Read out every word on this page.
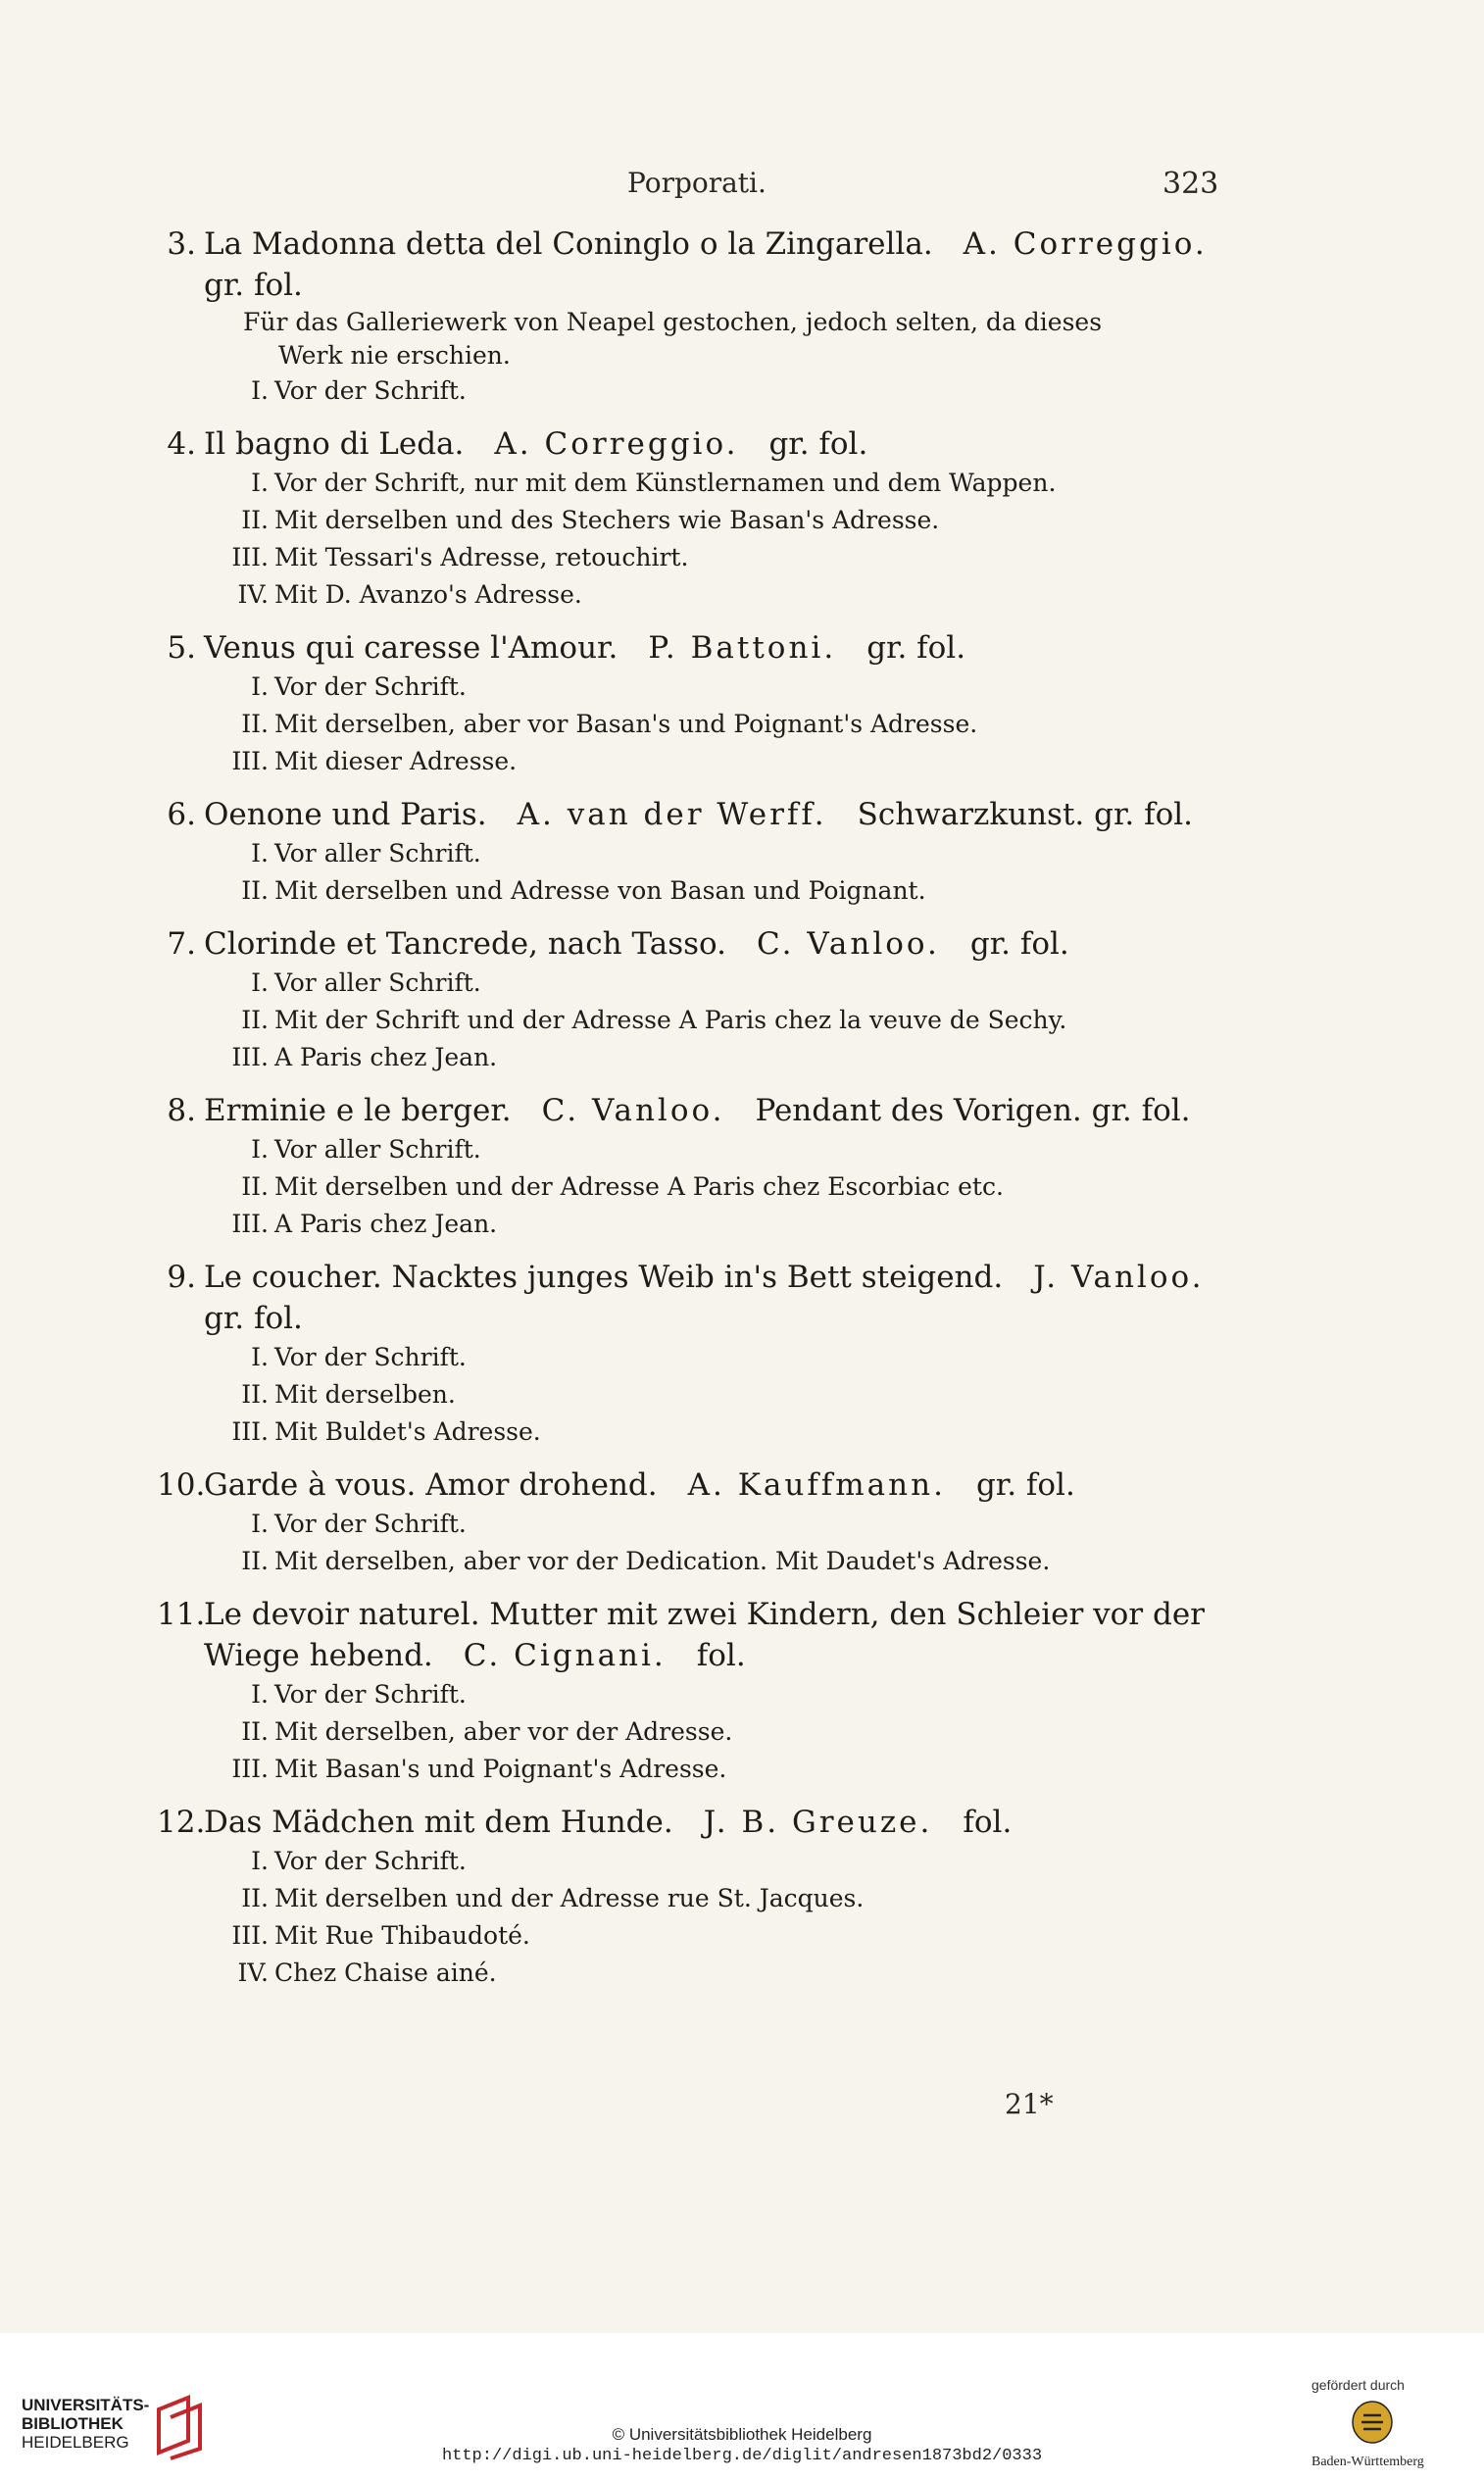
Porporati.	323
3. La Madonna detta del Coninglo o la Zingarella.  A. Correggio. gr. fol.
Für das Galleriewerk von Neapel gestochen, jedoch selten, da dieses
Werk nie erschien.
I. Vor der Schrift.
4. Il bagno di Leda.  A. Correggio.  gr. fol.
I. Vor der Schrift, nur mit dem Künstlernamen und dem Wappen.
II. Mit derselben und des Stechers wie Basan's Adresse.
III. Mit Tessari's Adresse, retouchirt.
IV. Mit D. Avanzo's Adresse.
5. Venus qui caresse l'Amour.  P. Battoni.  gr. fol.
I. Vor der Schrift.
II. Mit derselben, aber vor Basan's und Poignant's Adresse.
III. Mit dieser Adresse.
6. Oenone und Paris.  A. van der Werff.  Schwarzkunst. gr. fol.
I. Vor aller Schrift.
II. Mit derselben und Adresse von Basan und Poignant.
7. Clorinde et Tancrede, nach Tasso.  C. Vanloo.  gr. fol.
I. Vor aller Schrift.
II. Mit der Schrift und der Adresse A Paris chez la veuve de Sechy.
III. A Paris chez Jean.
8. Erminie e le berger.  C. Vanloo.  Pendant des Vorigen. gr. fol.
I. Vor aller Schrift.
II. Mit derselben und der Adresse A Paris chez Escorbiac etc.
III. A Paris chez Jean.
9. Le coucher. Nacktes junges Weib in's Bett steigend.  J. Vanloo. gr. fol.
I. Vor der Schrift.
II. Mit derselben.
III. Mit Buldet's Adresse.
10.
Garde à vous. Amor drohend.  A. Kauffmann.  gr. fol.
I. Vor der Schrift.
II. Mit derselben, aber vor der Dedication. Mit Daudet's Adresse.
11.
Le devoir naturel. Mutter mit zwei Kindern, den Schleier vor der Wiege hebend.  C. Cignani.  fol.
I. Vor der Schrift.
II. Mit derselben, aber vor der Adresse.
III. Mit Basan's und Poignant's Adresse.
12.
Das Mädchen mit dem Hunde.  J. B. Greuze.  fol.
I. Vor der Schrift.
II. Mit derselben und der Adresse rue St. Jacques.
III. Mit Rue Thibaudoté.
IV. Chez Chaise ainé.
21*
UNIVERSITÄTS-
BIBLIOTHEK
HEIDELBERG	© Universitätsbibliothek Heidelberg
http://digi.ub.uni-heidelberg.de/diglit/andresen1873bd2/0333
gefördert durch
Baden-Württemberg
